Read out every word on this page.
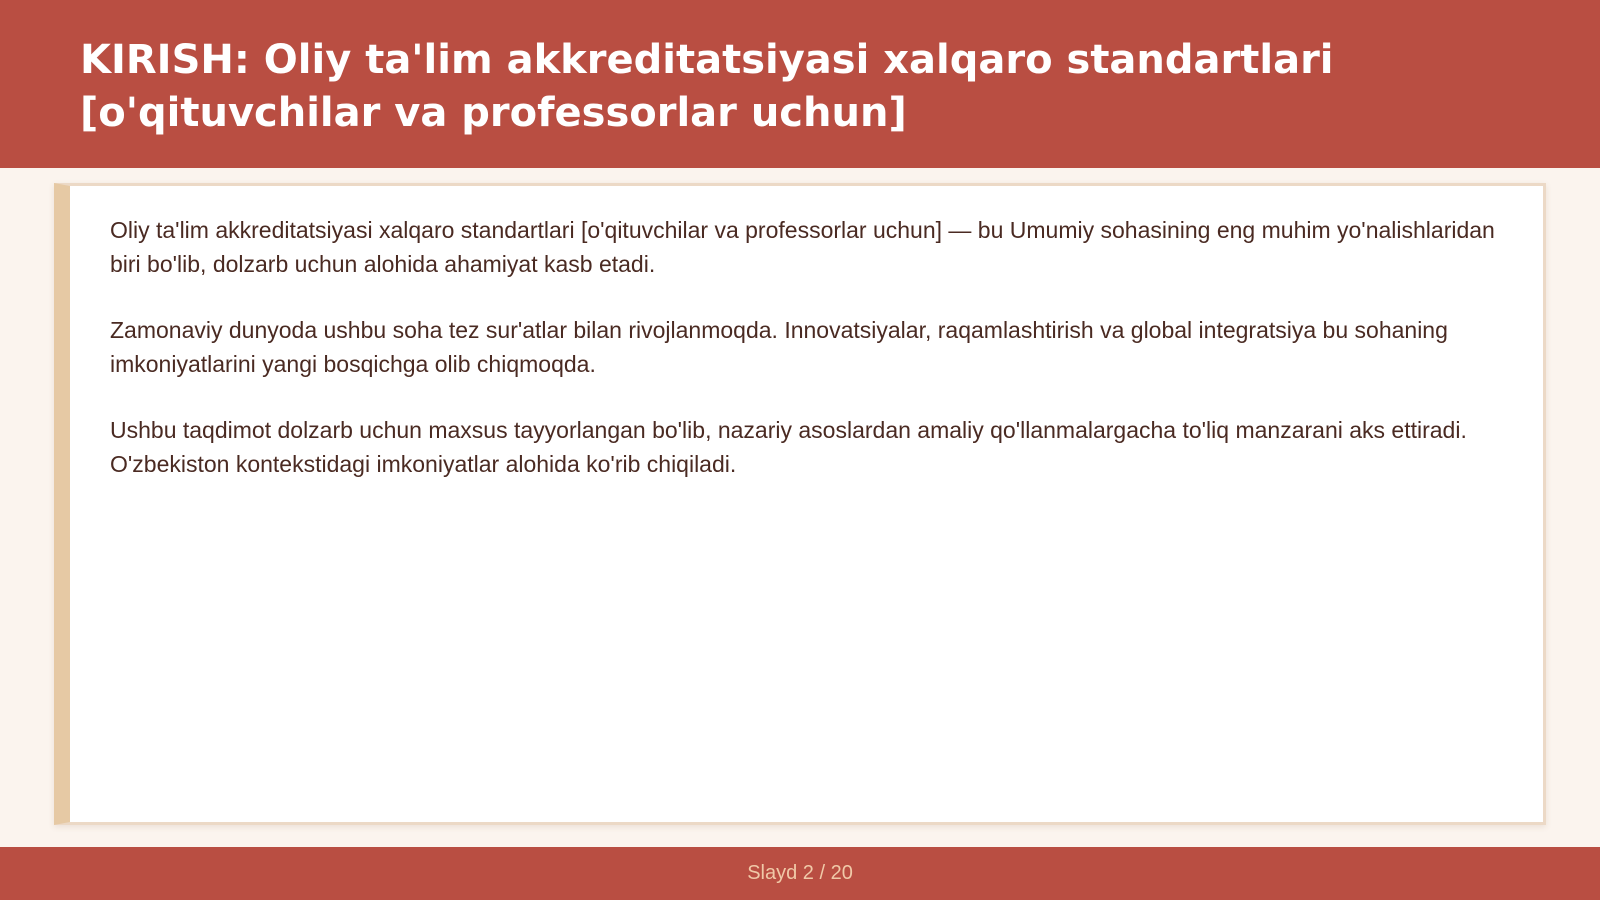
KIRISH: Oliy ta'lim akkreditatsiyasi xalqaro standartlari
[o'qituvchilar va professorlar uchun]

Oliy ta'lim akkreditatsiyasi xalqaro standartlari [o'qituvchilar va professorlar uchun] — bu Umumiy sohasining eng muhim yo'nalishlaridan biri bo'lib, dolzarb uchun alohida ahamiyat kasb etadi.

Zamonaviy dunyoda ushbu soha tez sur'atlar bilan rivojlanmoqda. Innovatsiyalar, raqamlashtirish va global integratsiya bu sohaning imkoniyatlarini yangi bosqichga olib chiqmoqda.

Ushbu taqdimot dolzarb uchun maxsus tayyorlangan bo'lib, nazariy asoslardan amaliy qo'llanmalargacha to'liq manzarani aks ettiradi. O'zbekiston kontekstidagi imkoniyatlar alohida ko'rib chiqiladi.

Slayd 2 / 20
